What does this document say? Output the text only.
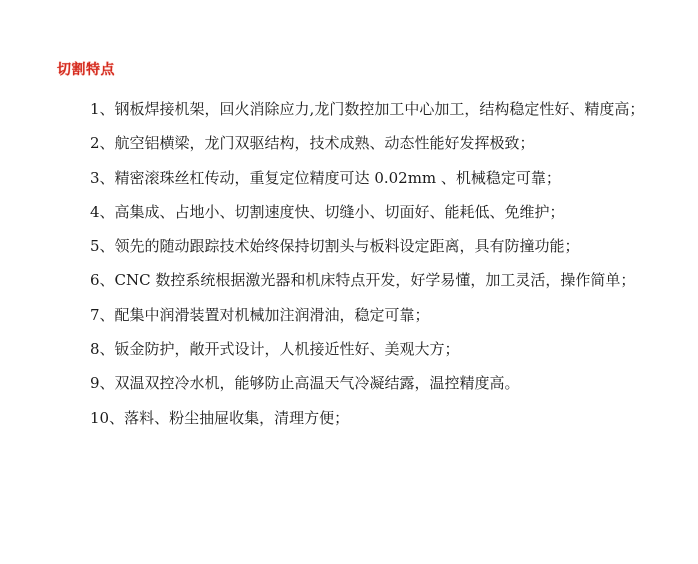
切割特点
1、钢板焊接机架，回火消除应力,龙门数控加工中心加工，结构稳定性好、精度高；
2、航空铝横梁，龙门双驱结构，技术成熟、动态性能好发挥极致；
3、精密滚珠丝杠传动，重复定位精度可达 0.02mm 、机械稳定可靠；
4、高集成、占地小、切割速度快、切缝小、切面好、能耗低、免维护；
5、领先的随动跟踪技术始终保持切割头与板料设定距离，具有防撞功能；
6、CNC 数控系统根据激光器和机床特点开发，好学易懂，加工灵活，操作简单；
7、配集中润滑装置对机械加注润滑油，稳定可靠；
8、钣金防护，敞开式设计，人机接近性好、美观大方；
9、双温双控冷水机，能够防止高温天气冷凝结露，温控精度高。
10、落料、粉尘抽屉收集，清理方便；
